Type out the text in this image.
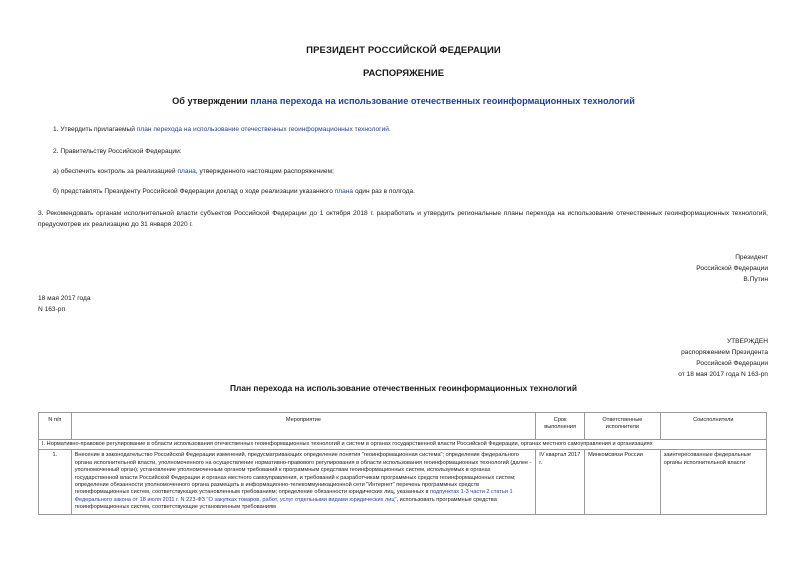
ПРЕЗИДЕНТ РОССИЙСКОЙ ФЕДЕРАЦИИ
РАСПОРЯЖЕНИЕ
Об утверждении плана перехода на использование отечественных геоинформационных технологий
1. Утвердить прилагаемый план перехода на использование отечественных геоинформационных технологий.
2. Правительству Российской Федерации:
а) обеспечить контроль за реализацией плана, утвержденного настоящим распоряжением;
б) представлять Президенту Российской Федерации доклад о ходе реализации указанного плана один раз в полгода.
3. Рекомендовать органам исполнительной власти субъектов Российской Федерации до 1 октября 2018 г. разработать и утвердить региональные планы перехода на использование отечественных геоинформационных технологий, предусмотрев их реализацию до 31 января 2020 г.
Президент
Российской Федерации
В.Путин
18 мая 2017 года
N 163-рп
УТВЕРЖДЕН
распоряжением Президента
Российской Федерации
от 18 мая 2017 года N 163-рп
План перехода на использование отечественных геоинформационных технологий
N п/п	Мероприятие	Срок выполнения	Ответственные исполнители	Соисполнители
I. Нормативно-правовое регулирование в области использования отечественных геоинформационных технологий и систем в органах государственной власти Российской Федерации, органах местного самоуправления и организациях				
1.	Внесение в законодательство Российской Федерации изменений, предусматривающих определение понятия "геоинформационная система"; определение федерального органа исполнительной власти, уполномоченного на осуществление нормативно-правового регулирования в области использования геоинформационных технологий (далее - уполномоченный орган); установление уполномоченным органом требований к программным средствам геоинформационных систем, используемых в органах государственной власти Российской Федерации и органах местного самоуправления, и требований к разработчикам программных средств геоинформационных систем; определение обязанности уполномоченного органа размещать в информационно-телекоммуникационной сети "Интернет" перечень программных средств геоинформационных систем, соответствующих установленным требованиям; определение обязанности юридических лиц, указанных в подпунктах 1-3 части 2 статьи 1 Федерального закона от 18 июля 2011 г. N 223-ФЗ "О закупках товаров, работ, услуг отдельными видами юридических лиц", использовать программные средства геоинформационных систем, соответствующие установленным требованиям	IV квартал 2017 г.	Минкомсвязи России	заинтересованные федеральные органы исполнительной власти
